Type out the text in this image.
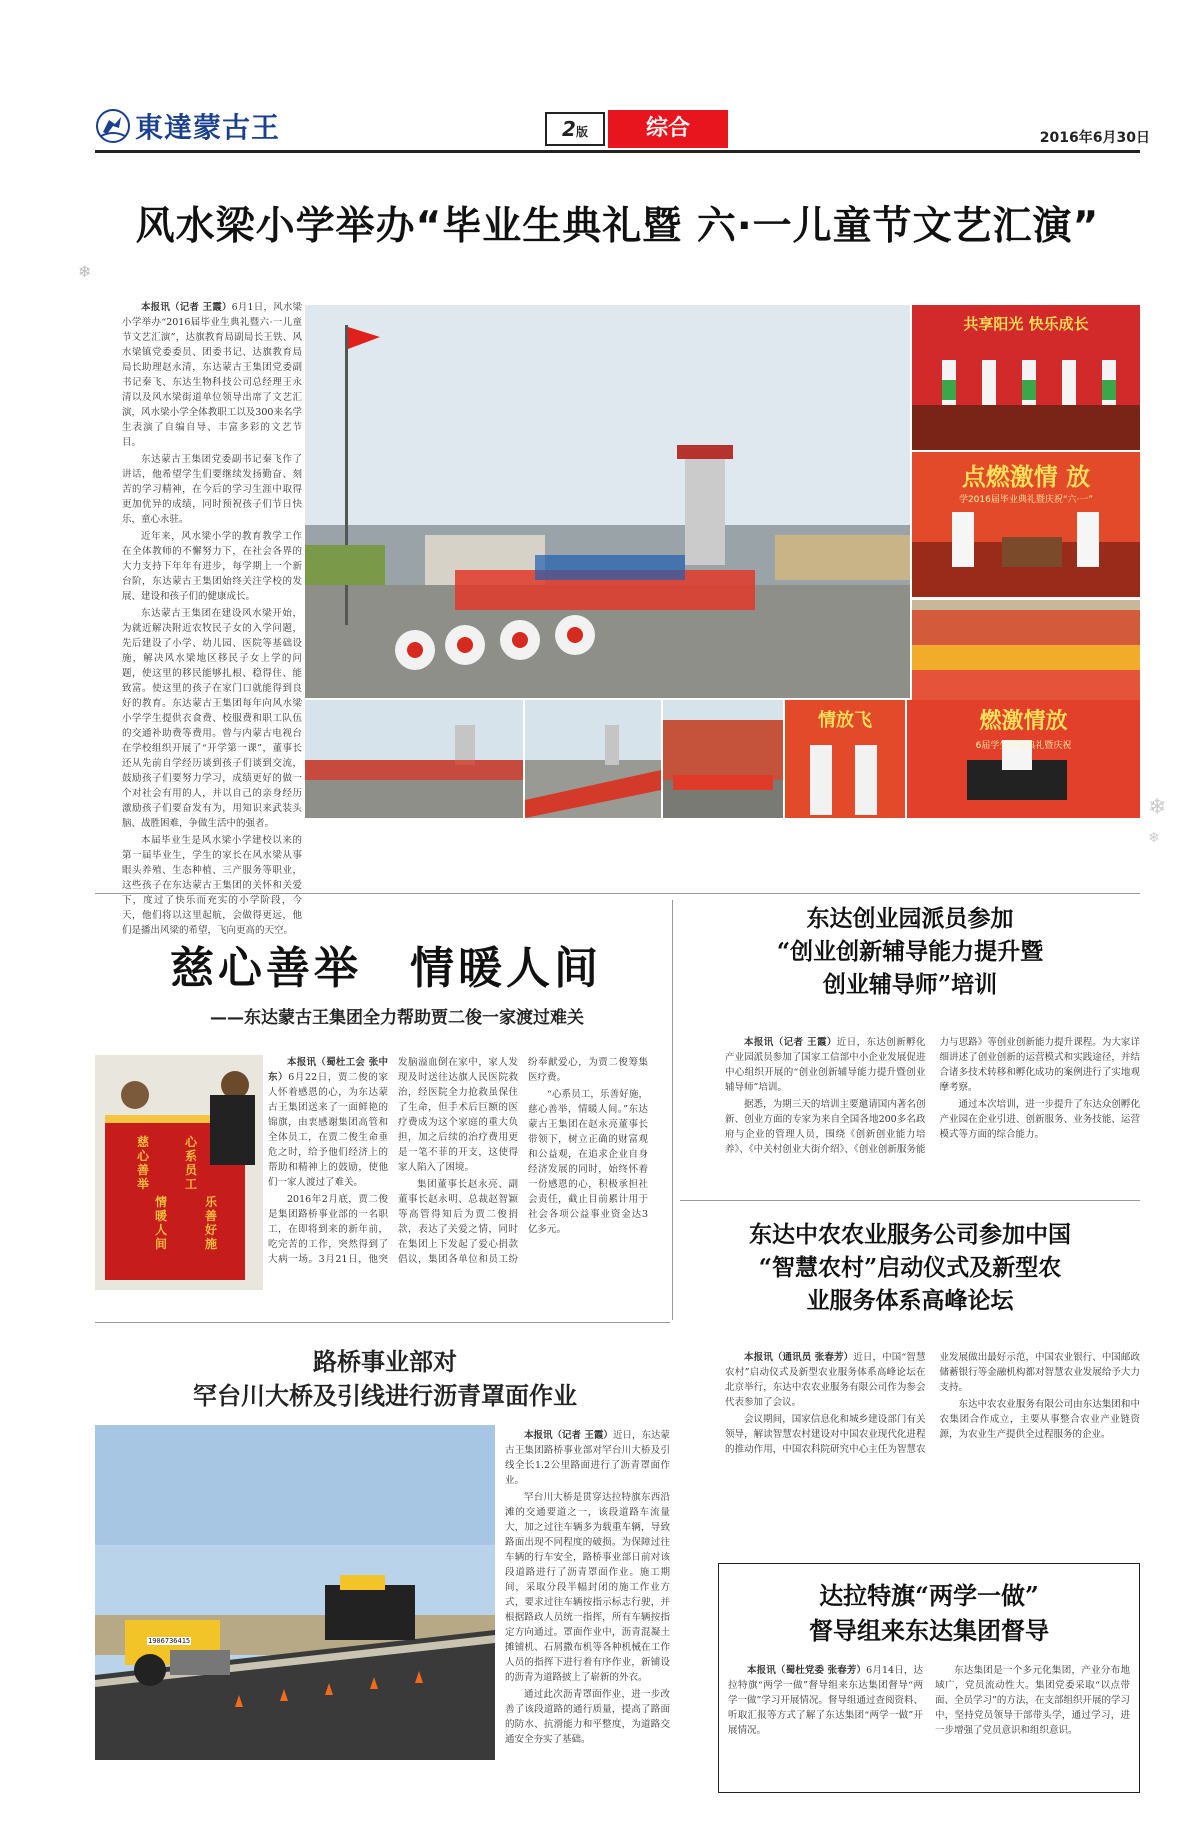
東達蒙古王	2版	综合	2016年6月30日
风水梁小学举办“毕业生典礼暨 六·一儿童节文艺汇演”
❄

本报讯（记者 王霞）6月1日，风水梁小学举办“2016届毕业生典礼暨六·一儿童节文艺汇演”，达旗教育局副局长王铁、风水梁镇党委委员、团委书记、达旗教育局局长助理赵永清，东达蒙古王集团党委副书记秦飞、东达生物科技公司总经理王永清以及风水梁街道单位领导出席了文艺汇演，风水梁小学全体教职工以及300来名学生表演了自编自导、丰富多彩的文艺节目。

东达蒙古王集团党委副书记秦飞作了讲话，他希望学生们要继续发扬勤奋、刻苦的学习精神，在今后的学习生涯中取得更加优异的成绩，同时预祝孩子们节日快乐，童心永驻。

近年来，风水梁小学的教育教学工作在全体教师的不懈努力下，在社会各界的大力支持下年年有进步，每学期上一个新台阶，东达蒙古王集团始终关注学校的发展、建设和孩子们的健康成长。

东达蒙古王集团在建设风水梁开始，为就近解决附近农牧民子女的入学问题，先后建设了小学、幼儿园、医院等基础设施，解决风水梁地区移民子女上学的问题，使这里的移民能够扎根、稳得住、能致富。使这里的孩子在家门口就能得到良好的教育。东达蒙古王集团每年向风水梁小学学生提供衣食费、校服费和职工队伍的交通补助费等费用。曾与内蒙古电视台在学校组织开展了“开学第一课”，董事长还从先前自学经历谈到孩子们谈到交流，鼓励孩子们要努力学习，成绩更好的做一个对社会有用的人，并以自己的亲身经历激励孩子们要奋发有为，用知识来武装头脑、战胜困难，争做生活中的强者。

本届毕业生是风水梁小学建校以来的第一届毕业生，学生的家长在风水梁从事眼头养殖、生态种植、三产服务等职业，这些孩子在东达蒙古王集团的关怀和关爱下，度过了快乐而充实的小学阶段，今天，他们将以这里起航，会做得更远，他们是播出风梁的希望，飞向更高的天空。

共享阳光 快乐成长
点燃激情 放
学2016届毕业典礼暨庆祝“六·一”
情放飞	燃激情放
6届学生毕业典礼暨庆祝
❄
❄
慈心善举　情暖人间
——东达蒙古王集团全力帮助贾二俊一家渡过难关
慈心善举
心系员工
情暖人间
乐善好施

本报讯（蜀杜工会 张中东）6月22日，贾二俊的家人怀着感恩的心，为东达蒙古王集团送来了一面鲜艳的锦旗，由衷感谢集团高管和全体员工，在贾二俊生命垂危之时，给予他们经济上的帮助和精神上的鼓励，使他们一家人渡过了难关。

2016年2月底，贾二俊是集团路桥事业部的一名职工，在即将到来的新年前，吃完苦的工作，突然得到了大病一场。3月21日，他突发脑溢血倒在家中，家人发现及时送往达旗人民医院救治，经医院全力抢救虽保住了生命，但手术后巨额的医疗费成为这个家庭的重大负担，加之后续的治疗费用更是一笔不菲的开支，这使得家人陷入了困境。

集团董事长赵永亮、副董事长赵永明、总裁赵智颖等高管得知后为贾二俊捐款，表达了关爱之情，同时在集团上下发起了爱心捐款倡议，集团各单位和员工纷纷奉献爱心，为贾二俊筹集医疗费。

“心系员工，乐善好施，慈心善举，情暖人间。”东达蒙古王集团在赵永亮董事长带领下，树立正确的财富观和公益观，在追求企业自身经济发展的同时，始终怀着一份感恩的心，积极承担社会责任，截止目前累计用于社会各项公益事业资金达3亿多元。

东达创业园派员参加
“创业创新辅导能力提升暨
创业辅导师”培训

本报讯（记者 王霞）近日，东达创新孵化产业园派员参加了国家工信部中小企业发展促进中心组织开展的“创业创新辅导能力提升暨创业辅导师”培训。

据悉，为期三天的培训主要邀请国内著名创新、创业方面的专家为来自全国各地200多名政府与企业的管理人员，围绕《创新创业能力培养》、《中关村创业大街介绍》、《创业创新服务能力与思路》等创业创新能力提升课程。为大家详细讲述了创业创新的运营模式和实践途径，并结合诸多技术转移和孵化成功的案例进行了实地观摩考察。

通过本次培训，进一步提升了东达众创孵化产业园在企业引进、创新服务、业务技能、运营模式等方面的综合能力。

东达中农农业服务公司参加中国
“智慧农村”启动仪式及新型农
业服务体系高峰论坛

本报讯（通讯员 张春芳）近日，中国“智慧农村”启动仪式及新型农业服务体系高峰论坛在北京举行，东达中农农业服务有限公司作为参会代表参加了会议。

会议期间，国家信息化和城乡建设部门有关领导，解读智慧农村建设对中国农业现代化进程的推动作用，中国农科院研究中心主任为智慧农业发展做出最好示范，中国农业银行、中国邮政储蓄银行等金融机构都对智慧农业发展给予大力支持。

东达中农农业服务有限公司由东达集团和中农集团合作成立，主要从事整合农业产业链资源，为农业生产提供全过程服务的企业。

路桥事业部对
罕台川大桥及引线进行沥青罩面作业
1906736415

本报讯（记者 王霞）近日，东达蒙古王集团路桥事业部对罕台川大桥及引线全长1.2公里路面进行了沥青罩面作业。

罕台川大桥是贯穿达拉特旗东西沿滩的交通要道之一，该段道路车流量大，加之过往车辆多为载重车辆，导致路面出现不同程度的破损。为保障过往车辆的行车安全，路桥事业部日前对该段道路进行了沥青罩面作业。施工期间，采取分段半幅封闭的施工作业方式，要求过往车辆按指示标志行驶，并根据路政人员统一指挥，所有车辆按指定方向通过。罩面作业中，沥青混凝土摊铺机、石屑撒布机等各种机械在工作人员的指挥下进行着有序作业，新铺设的沥青为道路披上了崭新的外衣。

通过此次沥青罩面作业，进一步改善了该段道路的通行质量，提高了路面的防水、抗滑能力和平整度，为道路交通安全夯实了基础。

达拉特旗“两学一做”
督导组来东达集团督导

本报讯（蜀杜党委 张春芳）6月14日，达拉特旗“两学一做”督导组来东达集团督导“两学一做”学习开展情况。督导组通过查阅资料、听取汇报等方式了解了东达集团“两学一做”开展情况。

东达集团是一个多元化集团，产业分布地域广，党员流动性大。集团党委采取“以点带面、全员学习”的方法，在支部组织开展的学习中，坚持党员领导干部带头学，通过学习，进一步增强了党员意识和组织意识。
